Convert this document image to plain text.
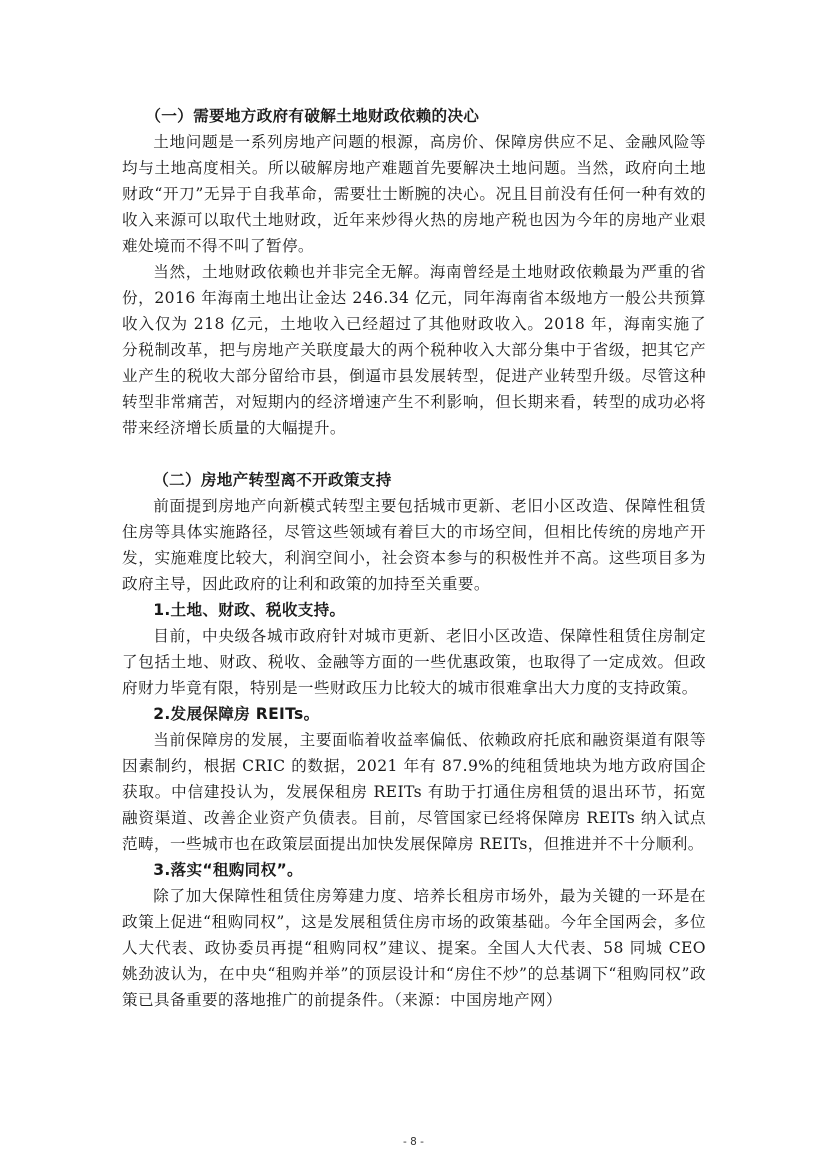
（一）需要地方政府有破解土地财政依赖的决心

土地问题是一系列房地产问题的根源，高房价、保障房供应不足、金融风险等均与土地高度相关。所以破解房地产难题首先要解决土地问题。当然，政府向土地财政“开刀”无异于自我革命，需要壮士断腕的决心。况且目前没有任何一种有效的收入来源可以取代土地财政，近年来炒得火热的房地产税也因为今年的房地产业艰难处境而不得不叫了暂停。

当然，土地财政依赖也并非完全无解。海南曾经是土地财政依赖最为严重的省份，2016 年海南土地出让金达 246.34 亿元，同年海南省本级地方一般公共预算收入仅为 218 亿元，土地收入已经超过了其他财政收入。2018 年，海南实施了分税制改革，把与房地产关联度最大的两个税种收入大部分集中于省级，把其它产业产生的税收大部分留给市县，倒逼市县发展转型，促进产业转型升级。尽管这种转型非常痛苦，对短期内的经济增速产生不利影响，但长期来看，转型的成功必将带来经济增长质量的大幅提升。

（二）房地产转型离不开政策支持

前面提到房地产向新模式转型主要包括城市更新、老旧小区改造、保障性租赁住房等具体实施路径，尽管这些领域有着巨大的市场空间，但相比传统的房地产开发，实施难度比较大，利润空间小，社会资本参与的积极性并不高。这些项目多为政府主导，因此政府的让利和政策的加持至关重要。

1.土地、财政、税收支持。

目前，中央级各城市政府针对城市更新、老旧小区改造、保障性租赁住房制定了包括土地、财政、税收、金融等方面的一些优惠政策，也取得了一定成效。但政府财力毕竟有限，特别是一些财政压力比较大的城市很难拿出大力度的支持政策。

2.发展保障房 REITs。

当前保障房的发展，主要面临着收益率偏低、依赖政府托底和融资渠道有限等因素制约，根据 CRIC 的数据，2021 年有 87.9%的纯租赁地块为地方政府国企获取。中信建投认为，发展保租房 REITs 有助于打通住房租赁的退出环节，拓宽融资渠道、改善企业资产负债表。目前，尽管国家已经将保障房 REITs 纳入试点范畴，一些城市也在政策层面提出加快发展保障房 REITs，但推进并不十分顺利。

3.落实“租购同权”。

除了加大保障性租赁住房筹建力度、培养长租房市场外，最为关键的一环是在政策上促进“租购同权”，这是发展租赁住房市场的政策基础。今年全国两会，多位人大代表、政协委员再提“租购同权”建议、提案。全国人大代表、58 同城 CEO 姚劲波认为，在中央“租购并举”的顶层设计和“房住不炒”的总基调下“租购同权”政策已具备重要的落地推广的前提条件。（来源：中国房地产网）

- 8 -
